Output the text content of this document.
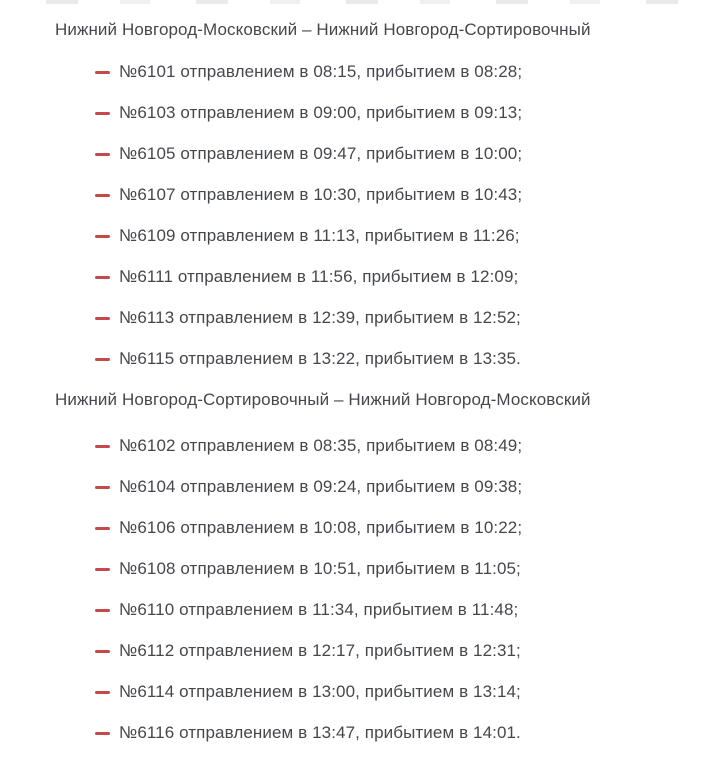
Нижний Новгород-Московский – Нижний Новгород-Сортировочный
№6101 отправлением в 08:15, прибытием в 08:28;
№6103 отправлением в 09:00, прибытием в 09:13;
№6105 отправлением в 09:47, прибытием в 10:00;
№6107 отправлением в 10:30, прибытием в 10:43;
№6109 отправлением в 11:13, прибытием в 11:26;
№6111 отправлением в 11:56, прибытием в 12:09;
№6113 отправлением в 12:39, прибытием в 12:52;
№6115 отправлением в 13:22, прибытием в 13:35.
Нижний Новгород-Сортировочный – Нижний Новгород-Московский
№6102 отправлением в 08:35, прибытием в 08:49;
№6104 отправлением в 09:24, прибытием в 09:38;
№6106 отправлением в 10:08, прибытием в 10:22;
№6108 отправлением в 10:51, прибытием в 11:05;
№6110 отправлением в 11:34, прибытием в 11:48;
№6112 отправлением в 12:17, прибытием в 12:31;
№6114 отправлением в 13:00, прибытием в 13:14;
№6116 отправлением в 13:47, прибытием в 14:01.
